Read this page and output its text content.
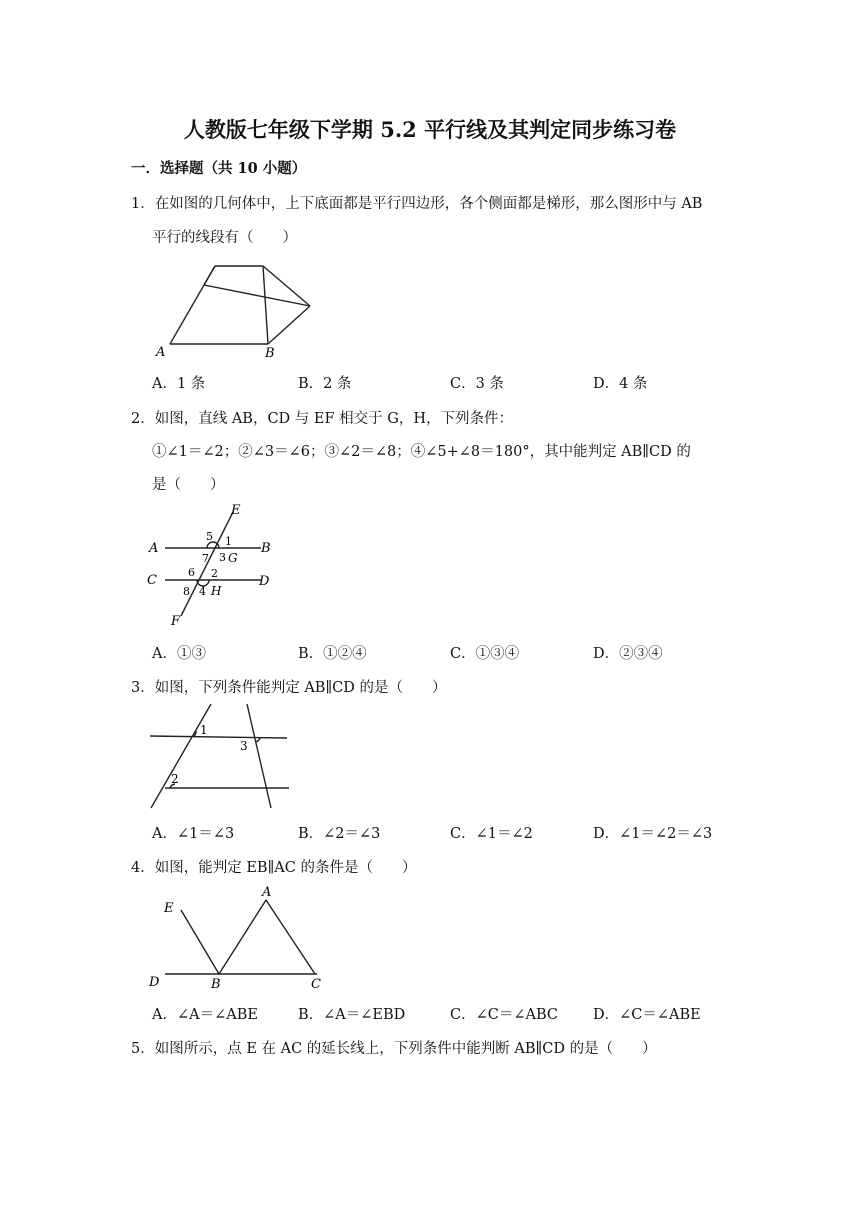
人教版七年级下学期 5.2 平行线及其判定同步练习卷
一．选择题（共 10 小题）
1．在如图的几何体中，上下底面都是平行四边形，各个侧面都是梯形，那么图形中与 AB
平行的线段有（　　）
A	B
A．1 条	B．2 条	C．3 条	D．4 条
2．如图，直线 AB，CD 与 EF 相交于 G，H，下列条件：
①∠1＝∠2；②∠3＝∠6；③∠2＝∠8；④∠5+∠8＝180°，其中能判定 AB∥CD 的
是（　　）
E
A	B
C	D
F
G
H
1
2
3
4
5
6
7
8
A．①③	B．①②④	C．①③④	D．②③④
3．如图，下列条件能判定 AB∥CD 的是（　　）
1
2
3
A．∠1＝∠3	B．∠2＝∠3	C．∠1＝∠2	D．∠1＝∠2＝∠3
4．如图，能判定 EB∥AC 的条件是（　　）
E
A
D	B	C
A．∠A＝∠ABE	B．∠A＝∠EBD	C．∠C＝∠ABC D．∠C＝∠ABE
5．如图所示，点 E 在 AC 的延长线上，下列条件中能判断 AB∥CD 的是（　　）
